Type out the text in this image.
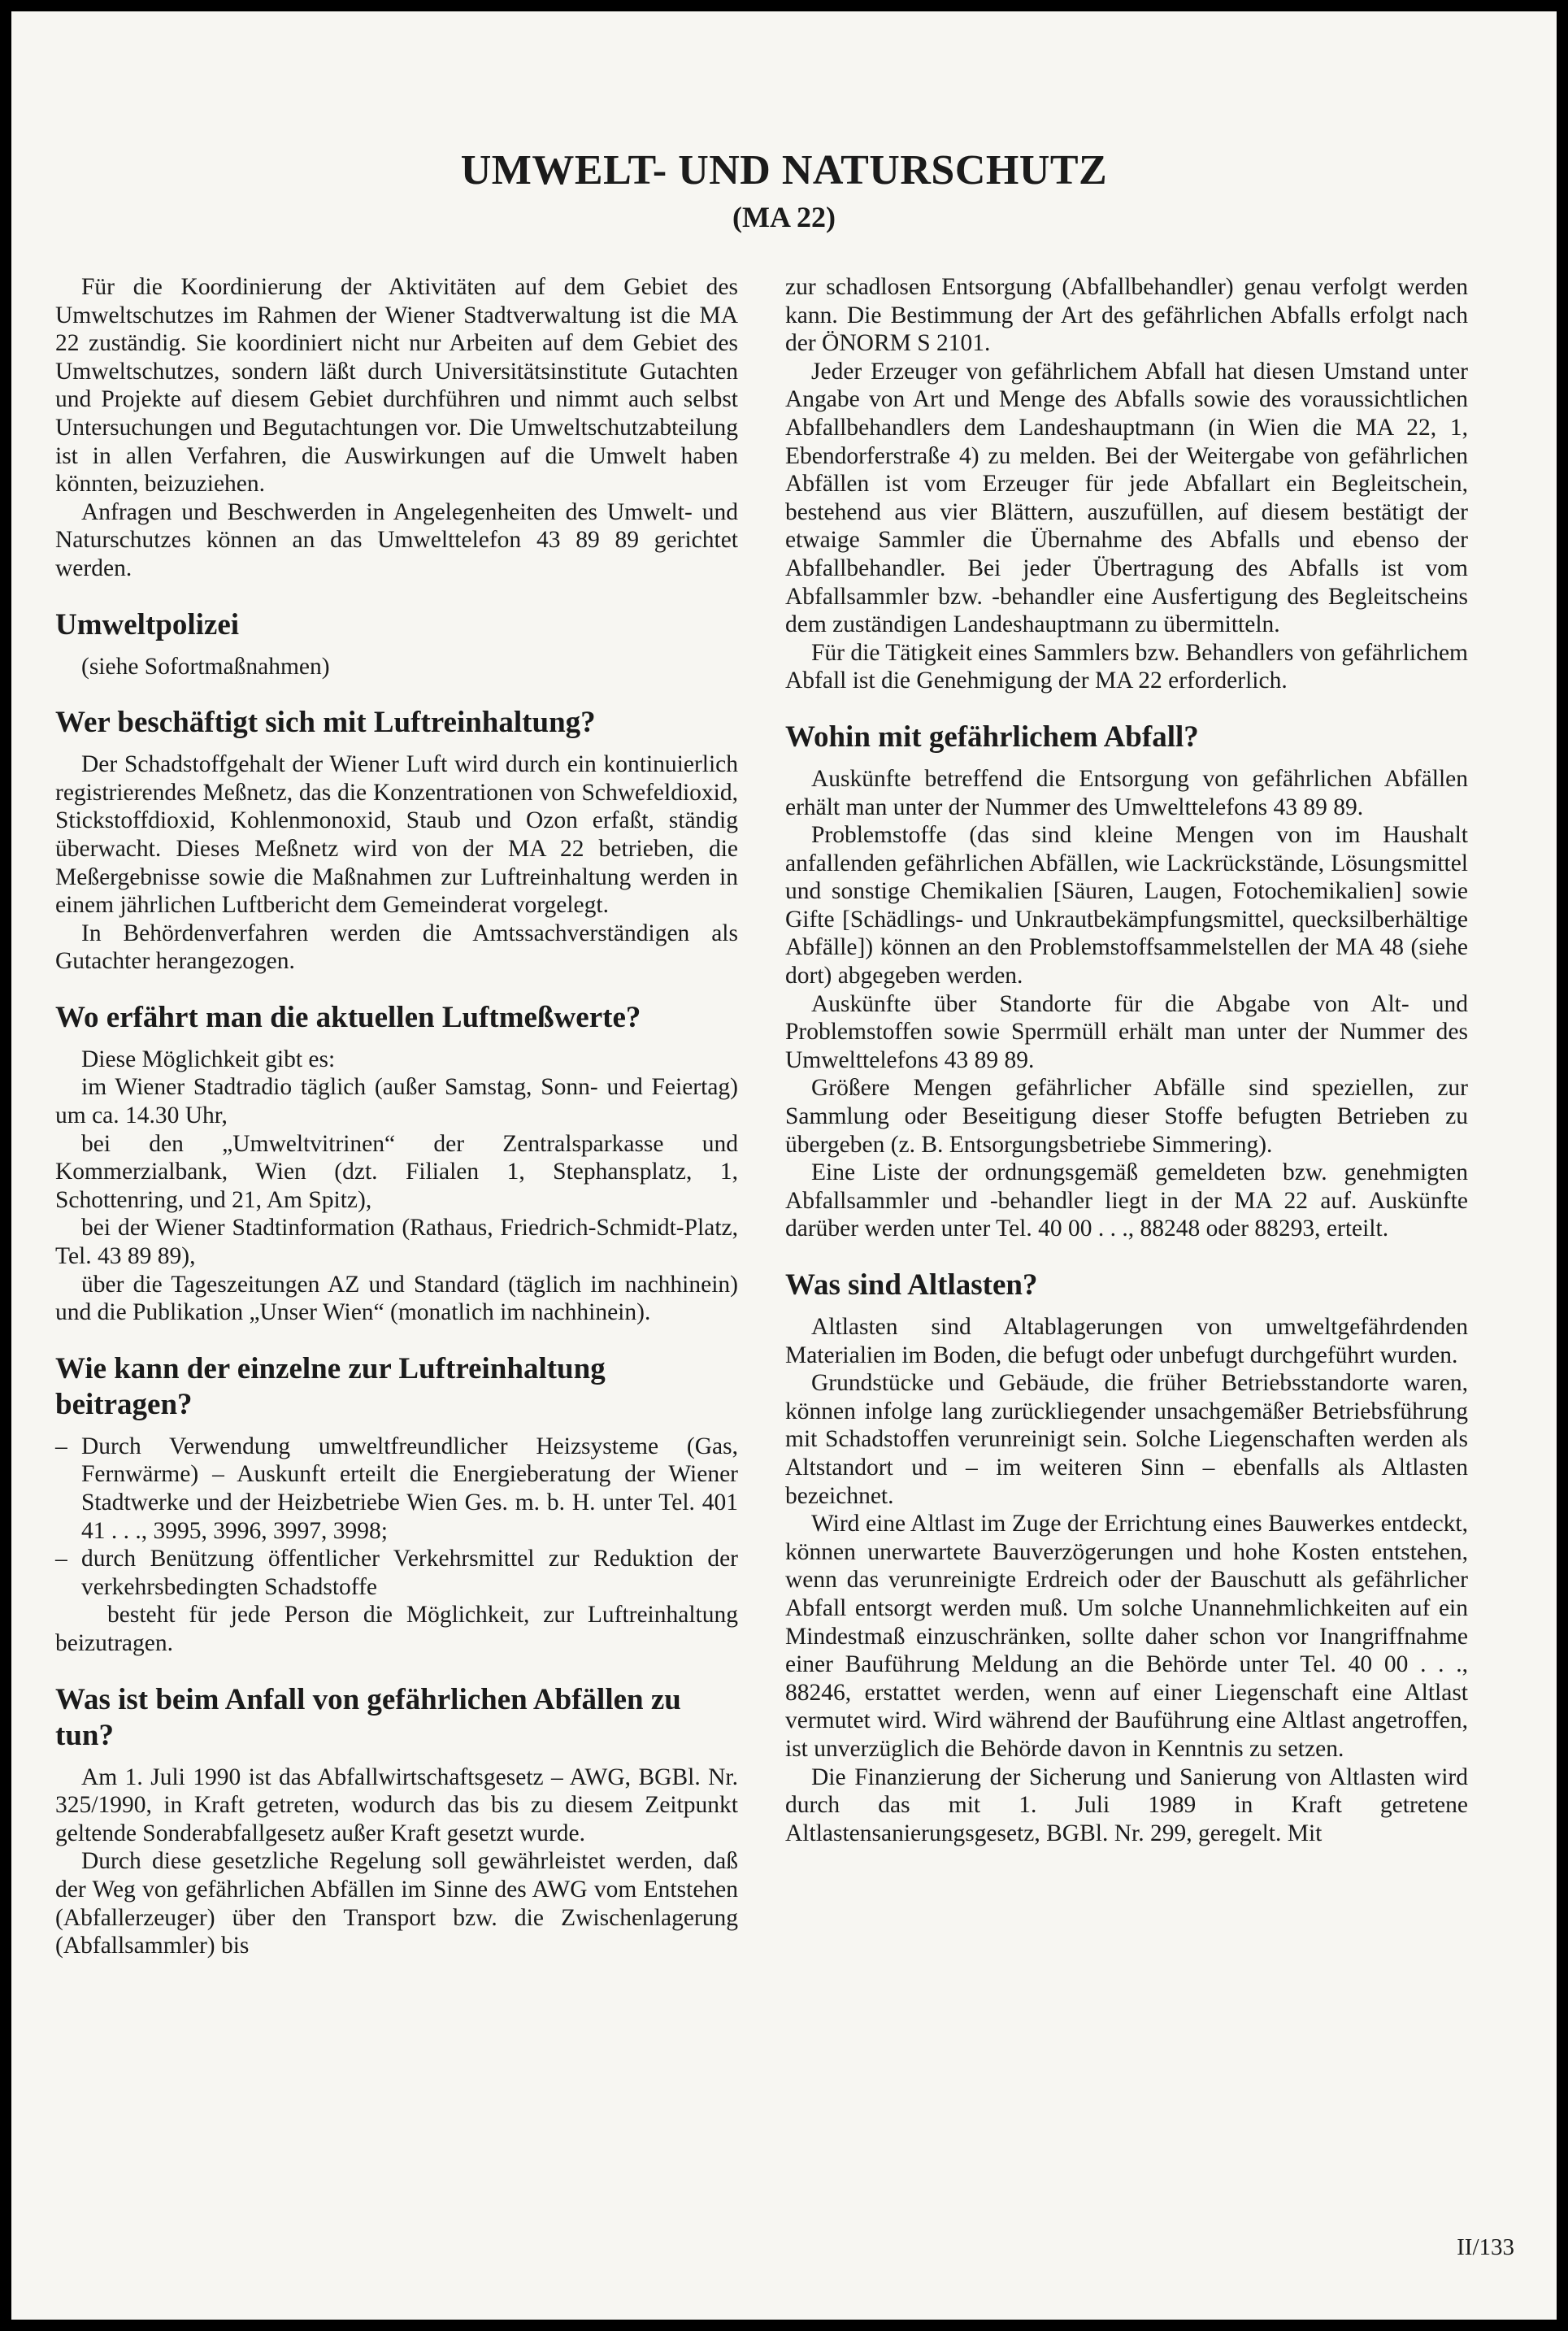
UMWELT- UND NATURSCHUTZ
(MA 22)

Für die Koordinierung der Aktivitäten auf dem Gebiet des Umweltschutzes im Rahmen der Wiener Stadtverwaltung ist die MA 22 zuständig. Sie koordiniert nicht nur Arbeiten auf dem Gebiet des Umweltschutzes, sondern läßt durch Universitätsinstitute Gutachten und Projekte auf diesem Gebiet durchführen und nimmt auch selbst Untersuchungen und Begutachtungen vor. Die Umweltschutzabteilung ist in allen Verfahren, die Auswirkungen auf die Umwelt haben könnten, beizuziehen.

Anfragen und Beschwerden in Angelegenheiten des Umwelt- und Naturschutzes können an das Umwelttelefon 43 89 89 gerichtet werden.

Umweltpolizei

(siehe Sofortmaßnahmen)

Wer beschäftigt sich mit Luftreinhaltung?

Der Schadstoffgehalt der Wiener Luft wird durch ein kontinuierlich registrierendes Meßnetz, das die Konzentrationen von Schwefeldioxid, Stickstoffdioxid, Kohlenmonoxid, Staub und Ozon erfaßt, ständig überwacht. Dieses Meßnetz wird von der MA 22 betrieben, die Meßergebnisse sowie die Maßnahmen zur Luftreinhaltung werden in einem jährlichen Luftbericht dem Gemeinderat vorgelegt.

In Behördenverfahren werden die Amtssachverständigen als Gutachter herangezogen.

Wo erfährt man die aktuellen Luftmeßwerte?

Diese Möglichkeit gibt es:

im Wiener Stadtradio täglich (außer Samstag, Sonn- und Feiertag) um ca. 14.30 Uhr,

bei den „Umweltvitrinen“ der Zentralsparkasse und Kommerzialbank, Wien (dzt. Filialen 1, Stephansplatz, 1, Schottenring, und 21, Am Spitz),

bei der Wiener Stadtinformation (Rathaus, Friedrich-Schmidt-Platz, Tel. 43 89 89),

über die Tageszeitungen AZ und Standard (täglich im nachhinein) und die Publikation „Unser Wien“ (monatlich im nachhinein).

Wie kann der einzelne zur Luftreinhaltung beitragen?
– Durch Verwendung umweltfreundlicher Heizsysteme (Gas, Fernwärme) – Auskunft erteilt die Energieberatung der Wiener Stadtwerke und der Heizbetriebe Wien Ges. m. b. H. unter Tel. 401 41 . . ., 3995, 3996, 3997, 3998;
– durch Benützung öffentlicher Verkehrsmittel zur Reduktion der verkehrsbedingten Schadstoffe

besteht für jede Person die Möglichkeit, zur Luftreinhaltung beizutragen.

Was ist beim Anfall von gefährlichen Abfällen zu tun?

Am 1. Juli 1990 ist das Abfallwirtschaftsgesetz – AWG, BGBl. Nr. 325/1990, in Kraft getreten, wodurch das bis zu diesem Zeitpunkt geltende Sonderabfallgesetz außer Kraft gesetzt wurde.

Durch diese gesetzliche Regelung soll gewährleistet werden, daß der Weg von gefährlichen Abfällen im Sinne des AWG vom Entstehen (Abfallerzeuger) über den Transport bzw. die Zwischenlagerung (Abfallsammler) bis

zur schadlosen Entsorgung (Abfallbehandler) genau verfolgt werden kann. Die Bestimmung der Art des gefährlichen Abfalls erfolgt nach der ÖNORM S 2101.

Jeder Erzeuger von gefährlichem Abfall hat diesen Umstand unter Angabe von Art und Menge des Abfalls sowie des voraussichtlichen Abfallbehandlers dem Landeshauptmann (in Wien die MA 22, 1, Ebendorferstraße 4) zu melden. Bei der Weitergabe von gefährlichen Abfällen ist vom Erzeuger für jede Abfallart ein Begleitschein, bestehend aus vier Blättern, auszufüllen, auf diesem bestätigt der etwaige Sammler die Übernahme des Abfalls und ebenso der Abfallbehandler. Bei jeder Übertragung des Abfalls ist vom Abfallsammler bzw. -behandler eine Ausfertigung des Begleitscheins dem zuständigen Landeshauptmann zu übermitteln.

Für die Tätigkeit eines Sammlers bzw. Behandlers von gefährlichem Abfall ist die Genehmigung der MA 22 erforderlich.

Wohin mit gefährlichem Abfall?

Auskünfte betreffend die Entsorgung von gefährlichen Abfällen erhält man unter der Nummer des Umwelttelefons 43 89 89.

Problemstoffe (das sind kleine Mengen von im Haushalt anfallenden gefährlichen Abfällen, wie Lackrückstände, Lösungsmittel und sonstige Chemikalien [Säuren, Laugen, Fotochemikalien] sowie Gifte [Schädlings- und Unkrautbekämpfungsmittel, quecksilberhältige Abfälle]) können an den Problemstoffsammelstellen der MA 48 (siehe dort) abgegeben werden.

Auskünfte über Standorte für die Abgabe von Alt- und Problemstoffen sowie Sperrmüll erhält man unter der Nummer des Umwelttelefons 43 89 89.

Größere Mengen gefährlicher Abfälle sind speziellen, zur Sammlung oder Beseitigung dieser Stoffe befugten Betrieben zu übergeben (z. B. Entsorgungsbetriebe Simmering).

Eine Liste der ordnungsgemäß gemeldeten bzw. genehmigten Abfallsammler und -behandler liegt in der MA 22 auf. Auskünfte darüber werden unter Tel. 40 00 . . ., 88248 oder 88293, erteilt.

Was sind Altlasten?

Altlasten sind Altablagerungen von umweltgefährdenden Materialien im Boden, die befugt oder unbefugt durchgeführt wurden.

Grundstücke und Gebäude, die früher Betriebsstandorte waren, können infolge lang zurückliegender unsachgemäßer Betriebsführung mit Schadstoffen verunreinigt sein. Solche Liegenschaften werden als Altstandort und – im weiteren Sinn – ebenfalls als Altlasten bezeichnet.

Wird eine Altlast im Zuge der Errichtung eines Bauwerkes entdeckt, können unerwartete Bauverzögerungen und hohe Kosten entstehen, wenn das verunreinigte Erdreich oder der Bauschutt als gefährlicher Abfall entsorgt werden muß. Um solche Unannehmlichkeiten auf ein Mindestmaß einzuschränken, sollte daher schon vor Inangriffnahme einer Bauführung Meldung an die Behörde unter Tel. 40 00 . . ., 88246, erstattet werden, wenn auf einer Liegenschaft eine Altlast vermutet wird. Wird während der Bauführung eine Altlast angetroffen, ist unverzüglich die Behörde davon in Kenntnis zu setzen.

Die Finanzierung der Sicherung und Sanierung von Altlasten wird durch das mit 1. Juli 1989 in Kraft getretene Altlastensanierungsgesetz, BGBl. Nr. 299, geregelt. Mit

II/133
